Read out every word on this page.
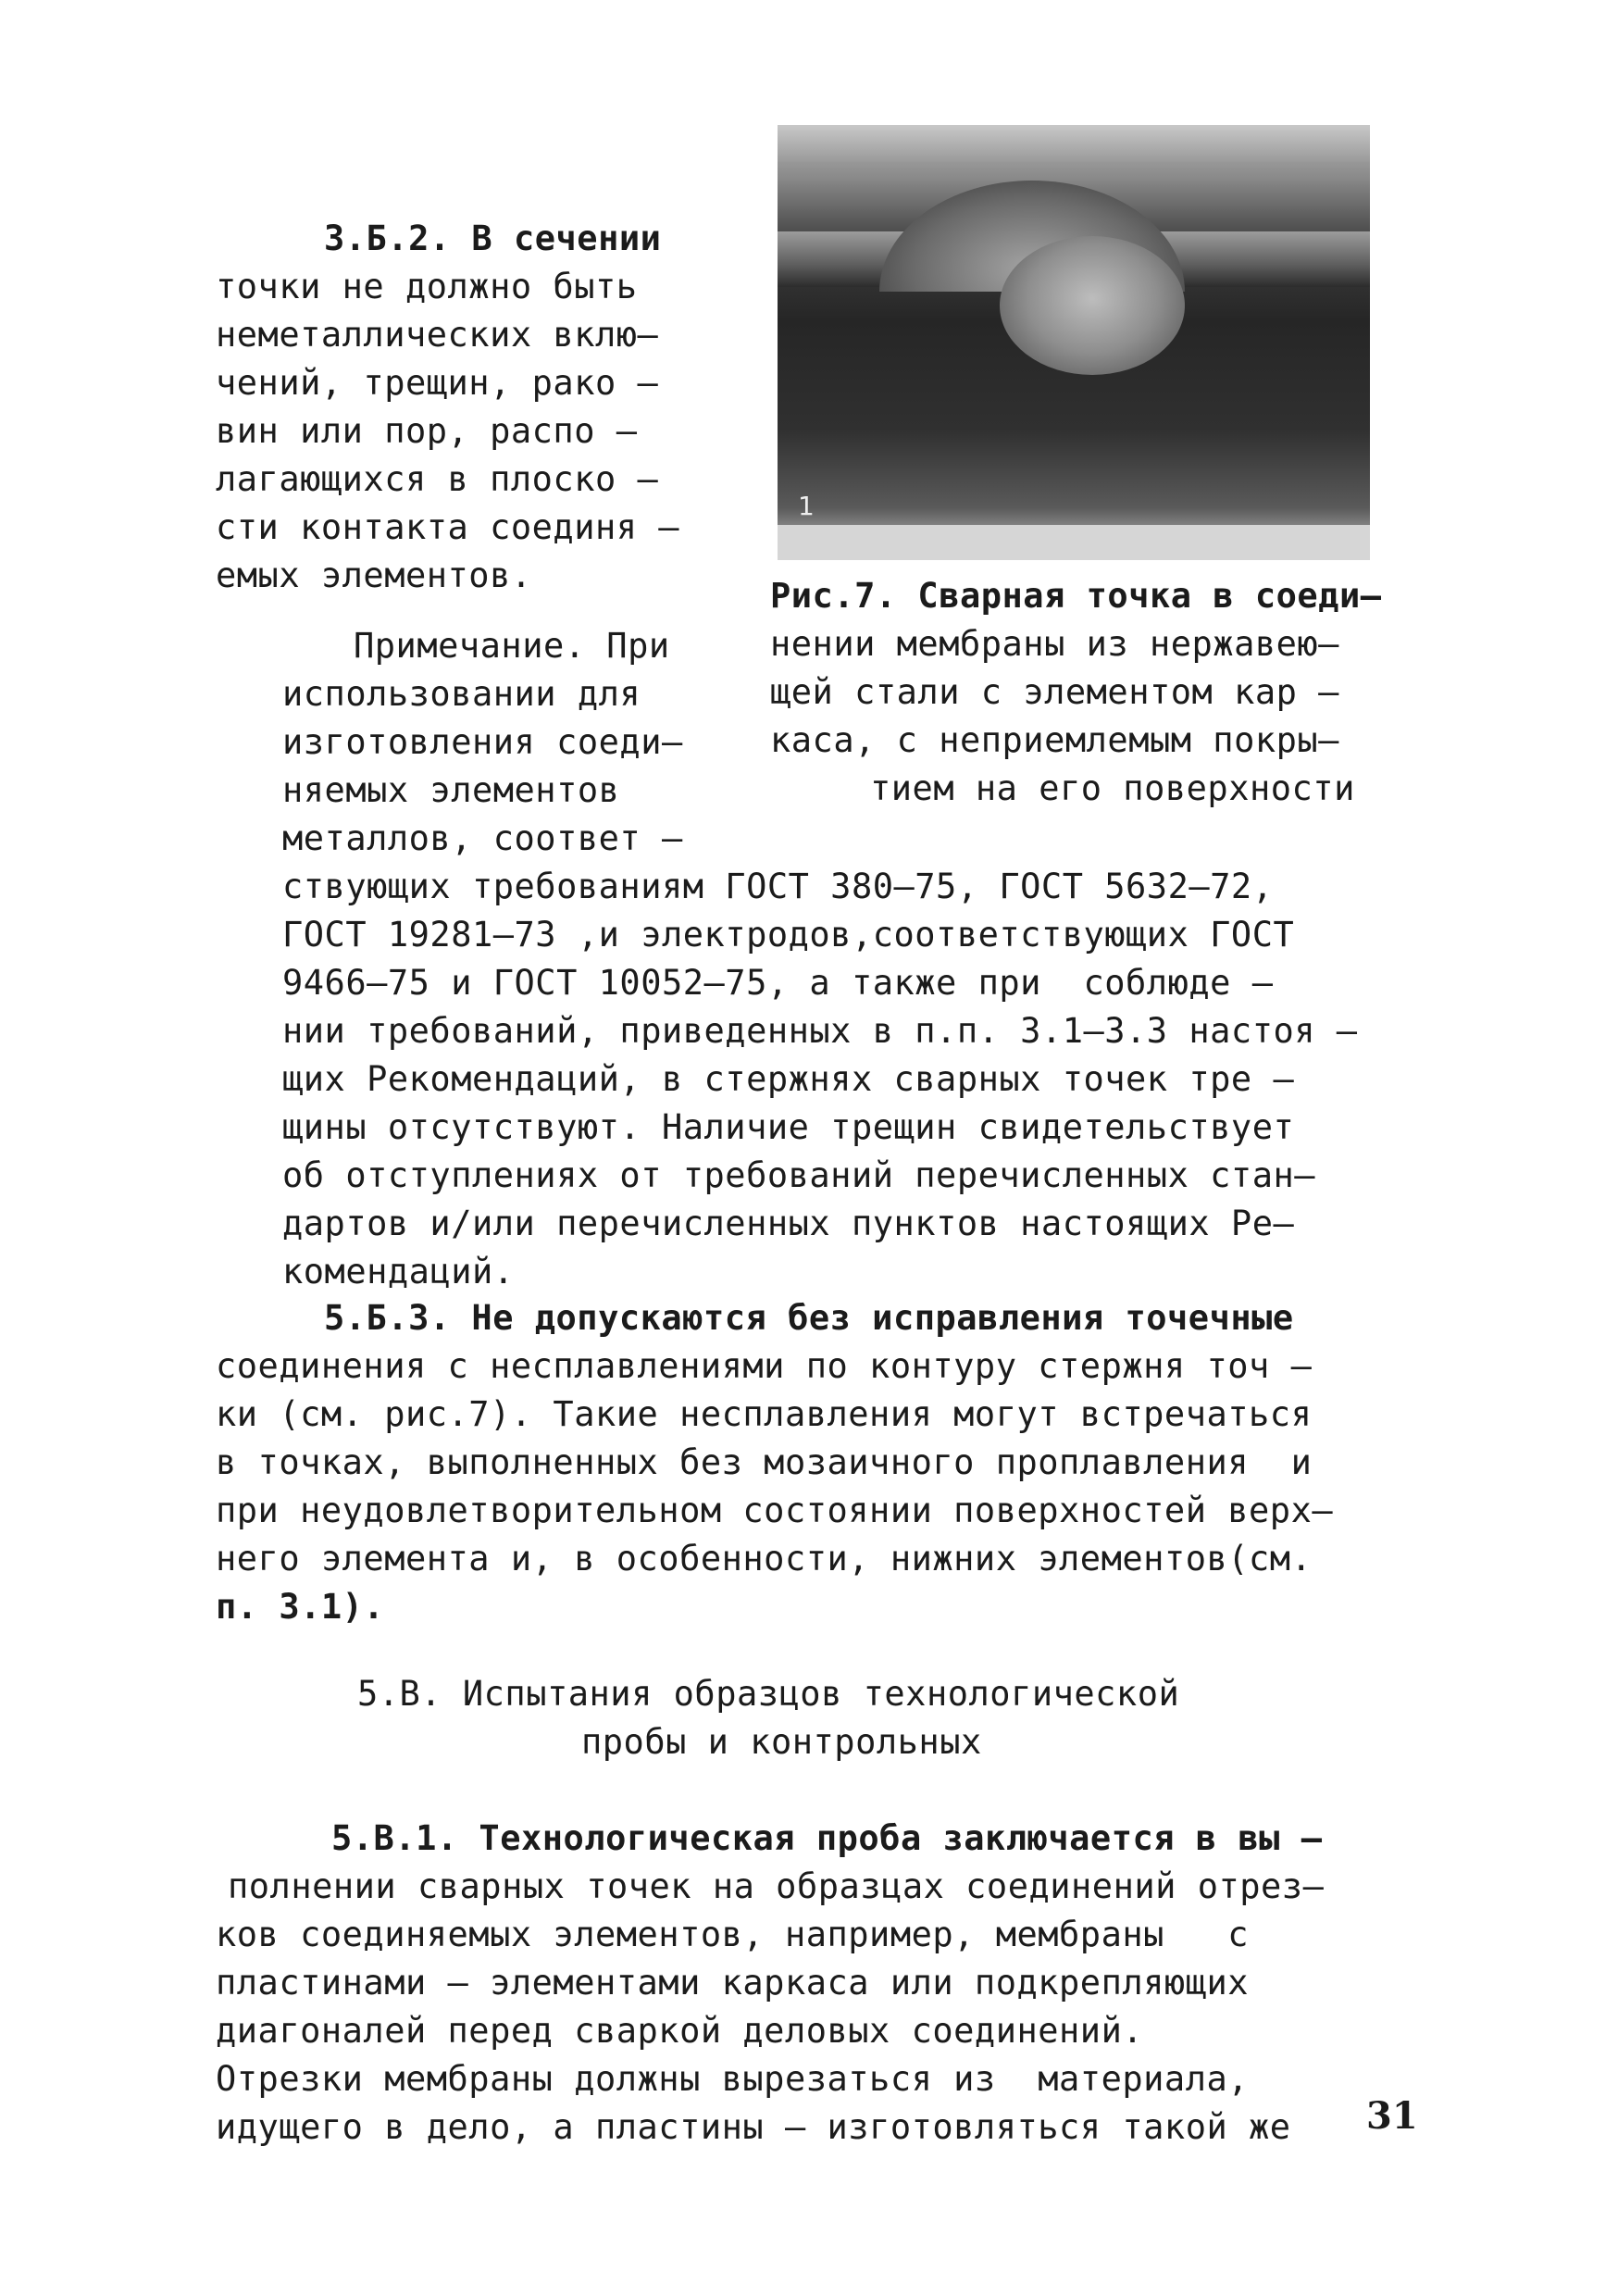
1
3.Б.2. В сечении
точки не должно быть
неметаллических вклю–
чений, трещин, рако –
вин или пор, распо –
лагающихся в плоско –
сти контакта соединя –
емых элементов.
Рис.7. Сварная точка в соеди–
нении мембраны из нержавею–
щей стали с элементом кар –
каса, с неприемлемым покры–
тием на его поверхности
Примечание. При
использовании для
изготовления соеди–
няемых элементов
металлов, соответ –
ствующих требованиям ГОСТ 380–75, ГОСТ 5632–72,
ГОСТ 19281–73 ,и электродов,соответствующих ГОСТ
9466–75 и ГОСТ 10052–75, а также при  соблюде –
нии требований, приведенных в п.п. 3.1–3.3 настоя –
щих Рекомендаций, в стержнях сварных точек тре –
щины отсутствуют. Наличие трещин свидетельствует
об отступлениях от требований перечисленных стан–
дартов и/или перечисленных пунктов настоящих Ре–
комендаций.
5.Б.3. Не допускаются без исправления точечные
соединения с несплавлениями по контуру стержня точ –
ки (см. рис.7). Такие несплавления могут встречаться
в точках, выполненных без мозаичного проплавления  и
при неудовлетворительном состоянии поверхностей верх–
него элемента и, в особенности, нижних элементов(см.
п. 3.1).
5.В. Испытания образцов технологической
пробы и контрольных
5.В.1. Технологическая проба заключается в вы –
полнении сварных точек на образцах соединений отрез–
ков соединяемых элементов, например, мембраны   с
пластинами – элементами каркаса или подкрепляющих
диагоналей перед сваркой деловых соединений.
Отрезки мембраны должны вырезаться из  материала,
идущего в дело, а пластины – изготовляться такой же 31
